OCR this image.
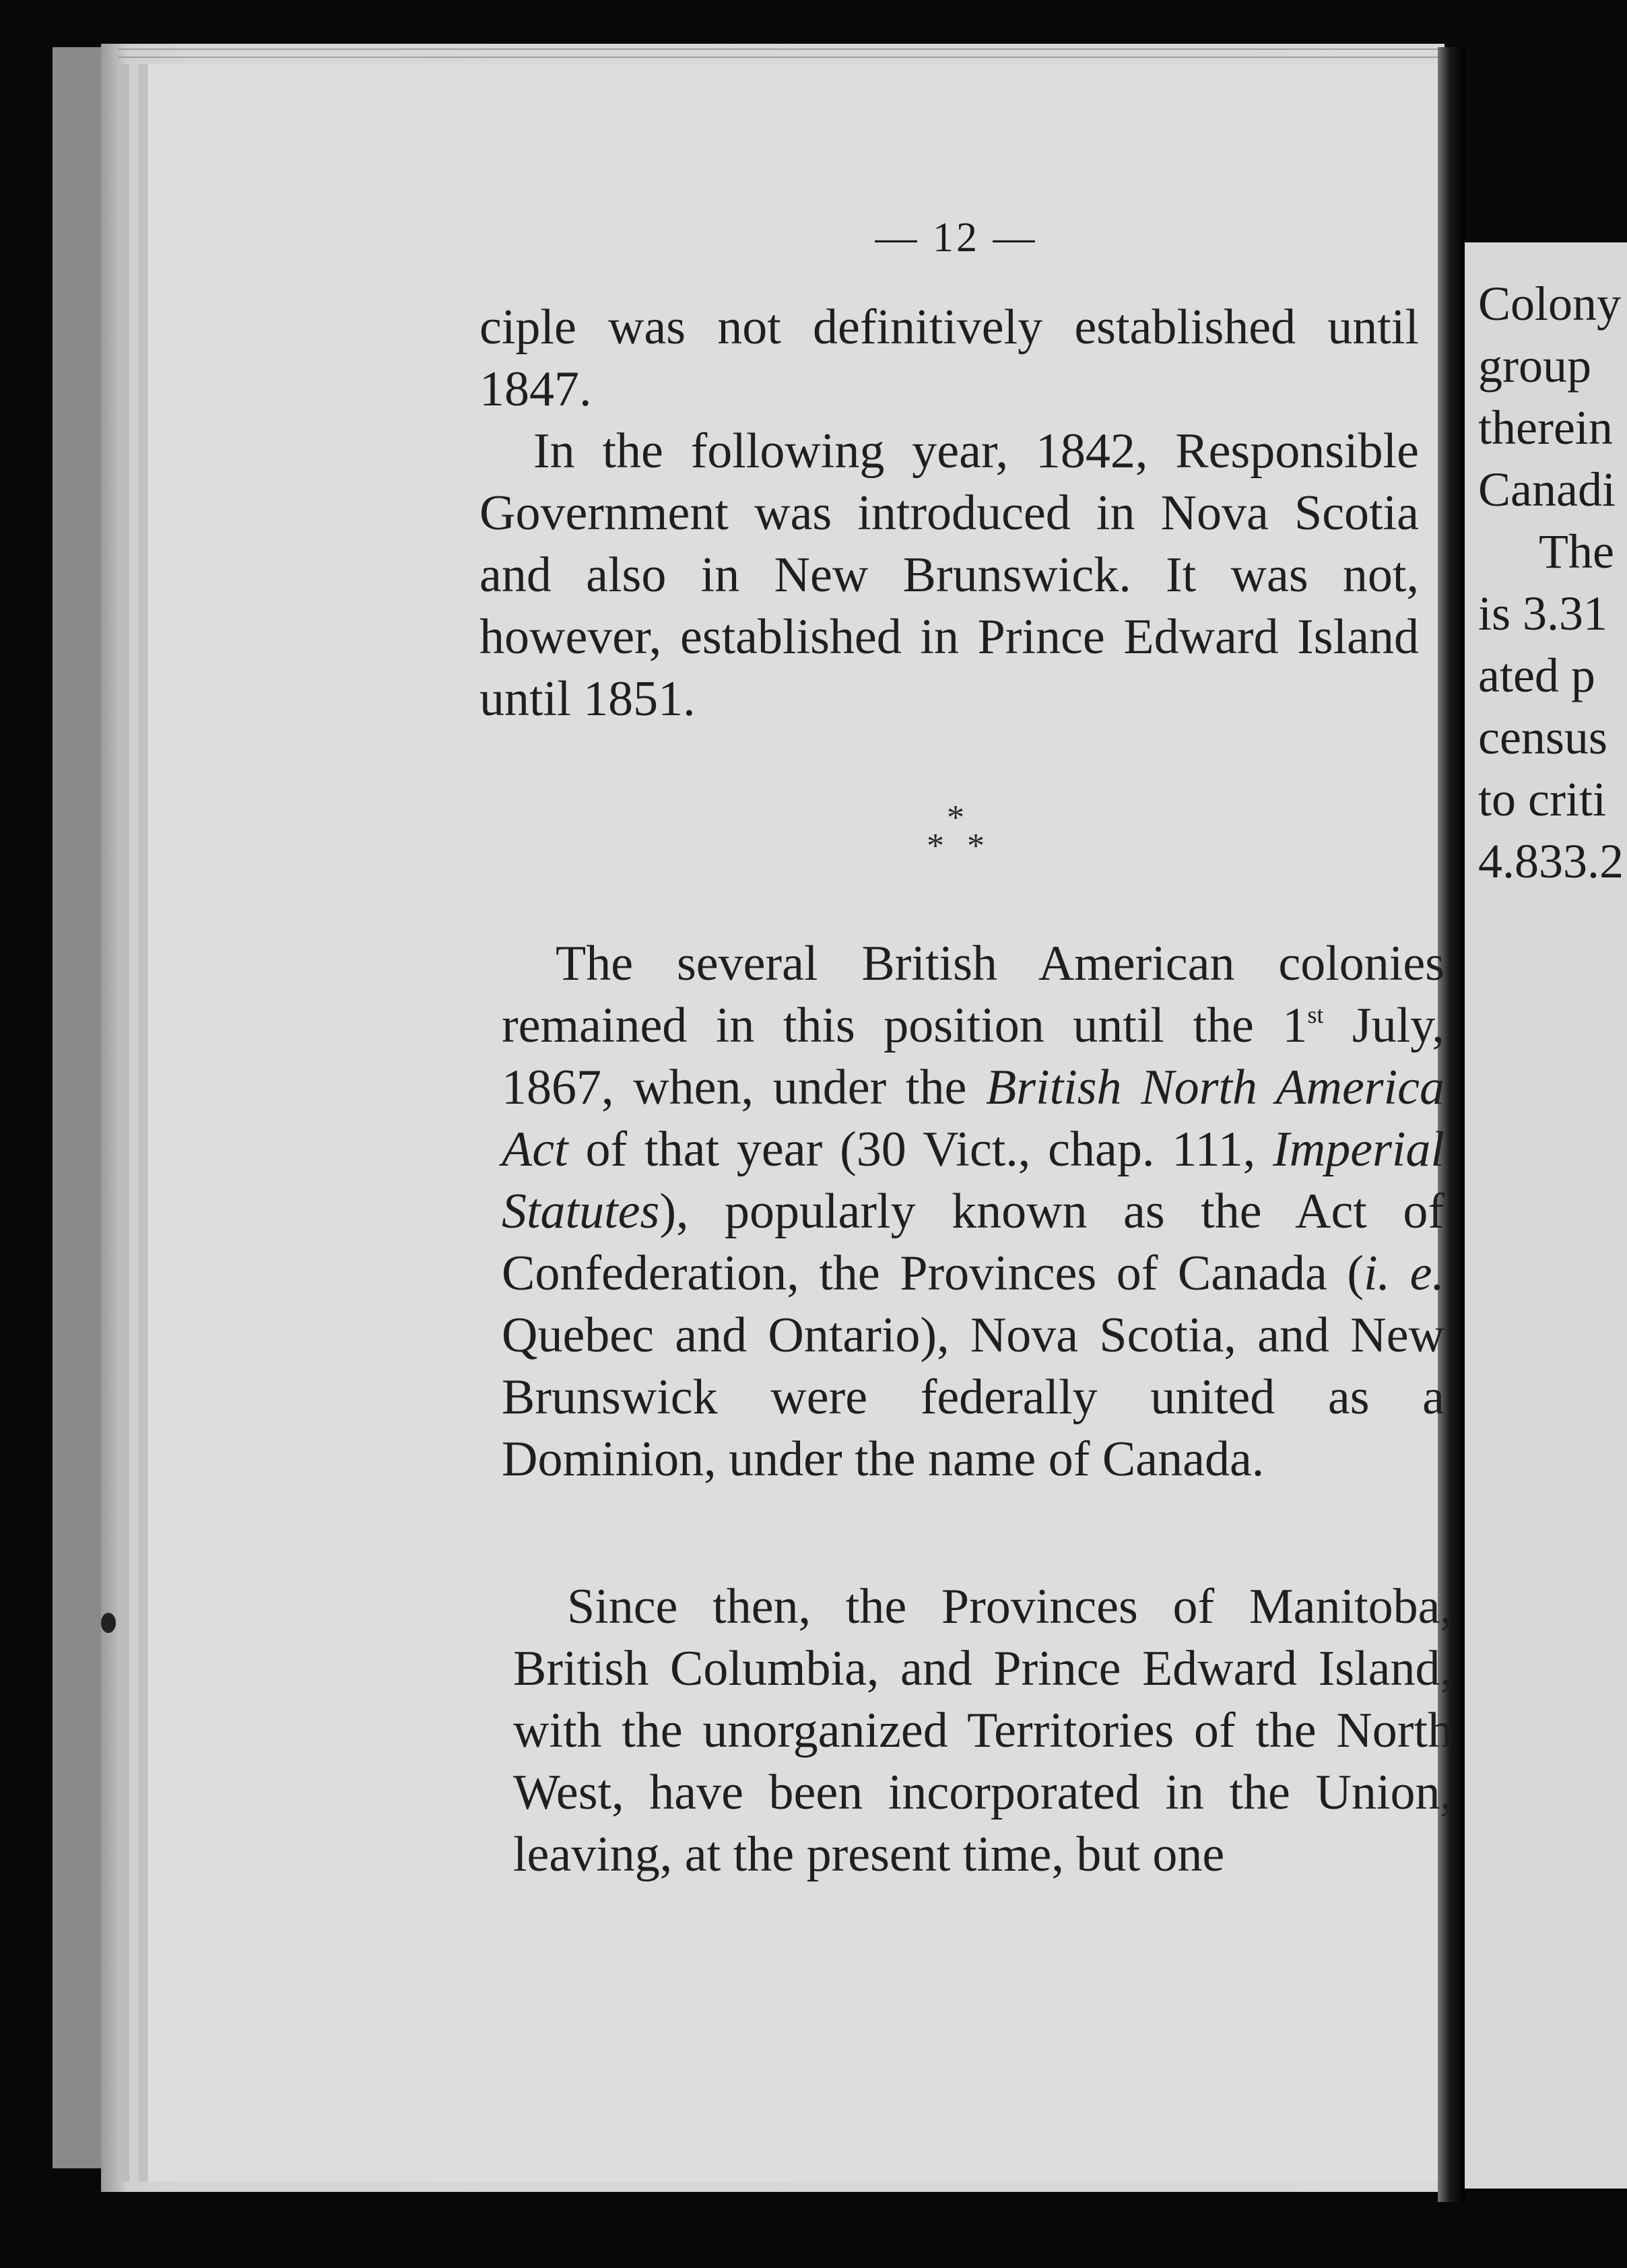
— 12 —

ciple was not definitively established until 1847.

In the following year, 1842, Responsible Government was introduced in Nova Scotia and also in New Brunswick. It was not, however, established in Prince Edward Island until 1851.

*
* *

The several British American colonies remained in this position until the 1st July, 1867, when, under the British North America Act of that year (30 Vict., chap. 111, Imperial Statutes), popularly known as the Act of Confederation, the Provinces of Canada (i. e. Quebec and Ontario), Nova Scotia, and New Brunswick were federally united as a Dominion, under the name of Canada.

Since then, the Provinces of Manitoba, British Columbia, and Prince Edward Island, with the unorganized Territories of the North West, have been incorporated in the Union, leaving, at the present time, but one

Colony
group
therein
Canadi
The
is 3.31
ated p
census
to criti
4.833.2
